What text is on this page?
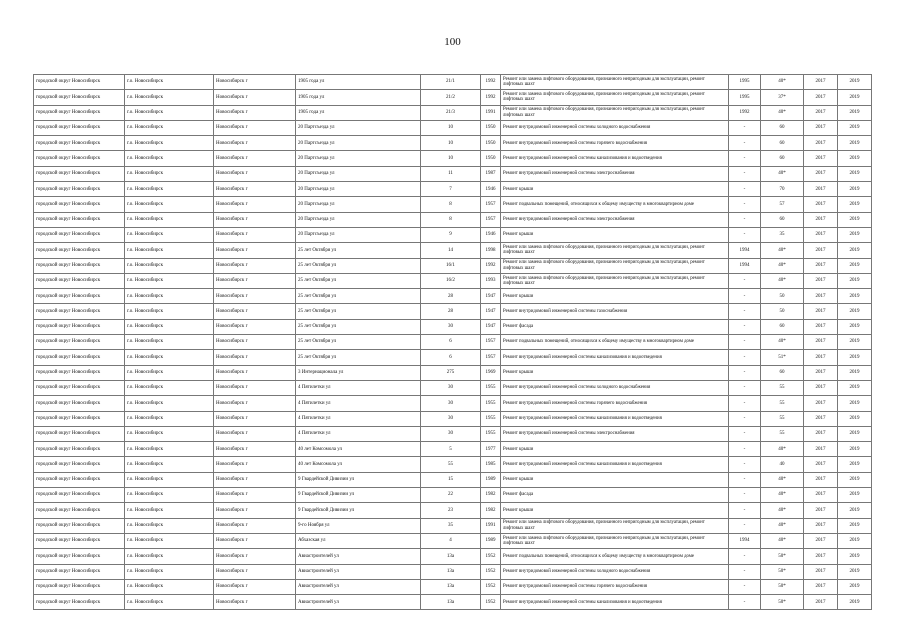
100
городской округ Новосибирск	г.о. Новосибирск	Новосибирск г	1905 года ул	21/1	1992	Ремонт или замена лифтового оборудования, признанного непригодным для эксплуатации, ремонт лифтовых шахт	1995	40*	2017	2019
городской округ Новосибирск	г.о. Новосибирск	Новосибирск г	1905 года ул	21/2	1992	Ремонт или замена лифтового оборудования, признанного непригодным для эксплуатации, ремонт лифтовых шахт	1995	37*	2017	2019
городской округ Новосибирск	г.о. Новосибирск	Новосибирск г	1905 года ул	21/3	1991	Ремонт или замена лифтового оборудования, признанного непригодным для эксплуатации, ремонт лифтовых шахт	1992	40*	2017	2019
городской округ Новосибирск	г.о. Новосибирск	Новосибирск г	20 Партсъезда ул	10	1950	Ремонт внутридомовой инженерной системы холодного водоснабжения	-	60	2017	2019
городской округ Новосибирск	г.о. Новосибирск	Новосибирск г	20 Партсъезда ул	10	1950	Ремонт внутридомовой инженерной системы горячего водоснабжения	-	60	2017	2019
городской округ Новосибирск	г.о. Новосибирск	Новосибирск г	20 Партсъезда ул	10	1950	Ремонт внутридомовой инженерной системы канализования и водоотведения	-	60	2017	2019
городской округ Новосибирск	г.о. Новосибирск	Новосибирск г	20 Партсъезда ул	11	1987	Ремонт внутридомовой инженерной системы электроснабжения	-	40*	2017	2019
городской округ Новосибирск	г.о. Новосибирск	Новосибирск г	20 Партсъезда ул	7	1946	Ремонт крыши	-	70	2017	2019
городской округ Новосибирск	г.о. Новосибирск	Новосибирск г	20 Партсъезда ул	8	1957	Ремонт подвальных помещений, относящихся к общему имуществу в многоквартирном доме	-	57	2017	2019
городской округ Новосибирск	г.о. Новосибирск	Новосибирск г	20 Партсъезда ул	8	1957	Ремонт внутридомовой инженерной системы электроснабжения	-	60	2017	2019
городской округ Новосибирск	г.о. Новосибирск	Новосибирск г	20 Партсъезда ул	9	1946	Ремонт крыши	-	35	2017	2019
городской округ Новосибирск	г.о. Новосибирск	Новосибирск г	25 лет Октября ул	14	1998	Ремонт или замена лифтового оборудования, признанного непригодным для эксплуатации, ремонт лифтовых шахт	1994	40*	2017	2019
городской округ Новосибирск	г.о. Новосибирск	Новосибирск г	25 лет Октября ул	16/1	1992	Ремонт или замена лифтового оборудования, признанного непригодным для эксплуатации, ремонт лифтовых шахт	1994	40*	2017	2019
городской округ Новосибирск	г.о. Новосибирск	Новосибирск г	25 лет Октября ул	16/2	1993	Ремонт или замена лифтового оборудования, признанного непригодным для эксплуатации, ремонт лифтовых шахт	-	40*	2017	2019
городской округ Новосибирск	г.о. Новосибирск	Новосибирск г	25 лет Октября ул	28	1947	Ремонт крыши	-	50	2017	2019
городской округ Новосибирск	г.о. Новосибирск	Новосибирск г	25 лет Октября ул	28	1947	Ремонт внутридомовой инженерной системы газоснабжения	-	50	2017	2019
городской округ Новосибирск	г.о. Новосибирск	Новосибирск г	25 лет Октября ул	30	1947	Ремонт фасада	-	60	2017	2019
городской округ Новосибирск	г.о. Новосибирск	Новосибирск г	25 лет Октября ул	6	1957	Ремонт подвальных помещений, относящихся к общему имуществу в многоквартирном доме	-	40*	2017	2019
городской округ Новосибирск	г.о. Новосибирск	Новосибирск г	25 лет Октября ул	6	1957	Ремонт внутридомовой инженерной системы канализования и водоотведения	-	51*	2017	2019
городской округ Новосибирск	г.о. Новосибирск	Новосибирск г	3 Интернационала ул	275	1969	Ремонт крыши	-	60	2017	2019
городской округ Новосибирск	г.о. Новосибирск	Новосибирск г	4 Пятилетки ул	30	1955	Ремонт внутридомовой инженерной системы холодного водоснабжения	-	55	2017	2019
городской округ Новосибирск	г.о. Новосибирск	Новосибирск г	4 Пятилетки ул	30	1955	Ремонт внутридомовой инженерной системы горячего водоснабжения	-	55	2017	2019
городской округ Новосибирск	г.о. Новосибирск	Новосибирск г	4 Пятилетки ул	30	1955	Ремонт внутридомовой инженерной системы канализования и водоотведения	-	55	2017	2019
городской округ Новосибирск	г.о. Новосибирск	Новосибирск г	4 Пятилетки ул	30	1955	Ремонт внутридомовой инженерной системы электроснабжения	-	55	2017	2019
городской округ Новосибирск	г.о. Новосибирск	Новосибирск г	40 лет Комсомола ул	5	1977	Ремонт крыши	-	40*	2017	2019
городской округ Новосибирск	г.о. Новосибирск	Новосибирск г	40 лет Комсомола ул	55	1985	Ремонт внутридомовой инженерной системы канализования и водоотведения	-	40	2017	2019
городской округ Новосибирск	г.о. Новосибирск	Новосибирск г	9 Гвардейской Дивизии ул	15	1989	Ремонт крыши	-	40*	2017	2019
городской округ Новосибирск	г.о. Новосибирск	Новосибирск г	9 Гвардейской Дивизии ул	22	1982	Ремонт фасада	-	40*	2017	2019
городской округ Новосибирск	г.о. Новосибирск	Новосибирск г	9 Гвардейской Дивизии ул	23	1982	Ремонт крыши	-	40*	2017	2019
городской округ Новосибирск	г.о. Новосибирск	Новосибирск г	9-го Ноября ул	35	1991	Ремонт или замена лифтового оборудования, признанного непригодным для эксплуатации, ремонт лифтовых шахт	-	40*	2017	2019
городской округ Новосибирск	г.о. Новосибирск	Новосибирск г	Абхазская ул	4	1989	Ремонт или замена лифтового оборудования, признанного непригодным для эксплуатации, ремонт лифтовых шахт	1994	40*	2017	2019
городской округ Новосибирск	г.о. Новосибирск	Новосибирск г	Авиастроителей ул	13а	1952	Ремонт подвальных помещений, относящихся к общему имуществу в многоквартирном доме	-	50*	2017	2019
городской округ Новосибирск	г.о. Новосибирск	Новосибирск г	Авиастроителей ул	13а	1952	Ремонт внутридомовой инженерной системы холодного водоснабжения	-	50*	2017	2019
городской округ Новосибирск	г.о. Новосибирск	Новосибирск г	Авиастроителей ул	13а	1952	Ремонт внутридомовой инженерной системы горячего водоснабжения	-	50*	2017	2019
городской округ Новосибирск	г.о. Новосибирск	Новосибирск г	Авиастроителей ул	13а	1952	Ремонт внутридомовой инженерной системы канализования и водоотведения	-	50*	2017	2019
